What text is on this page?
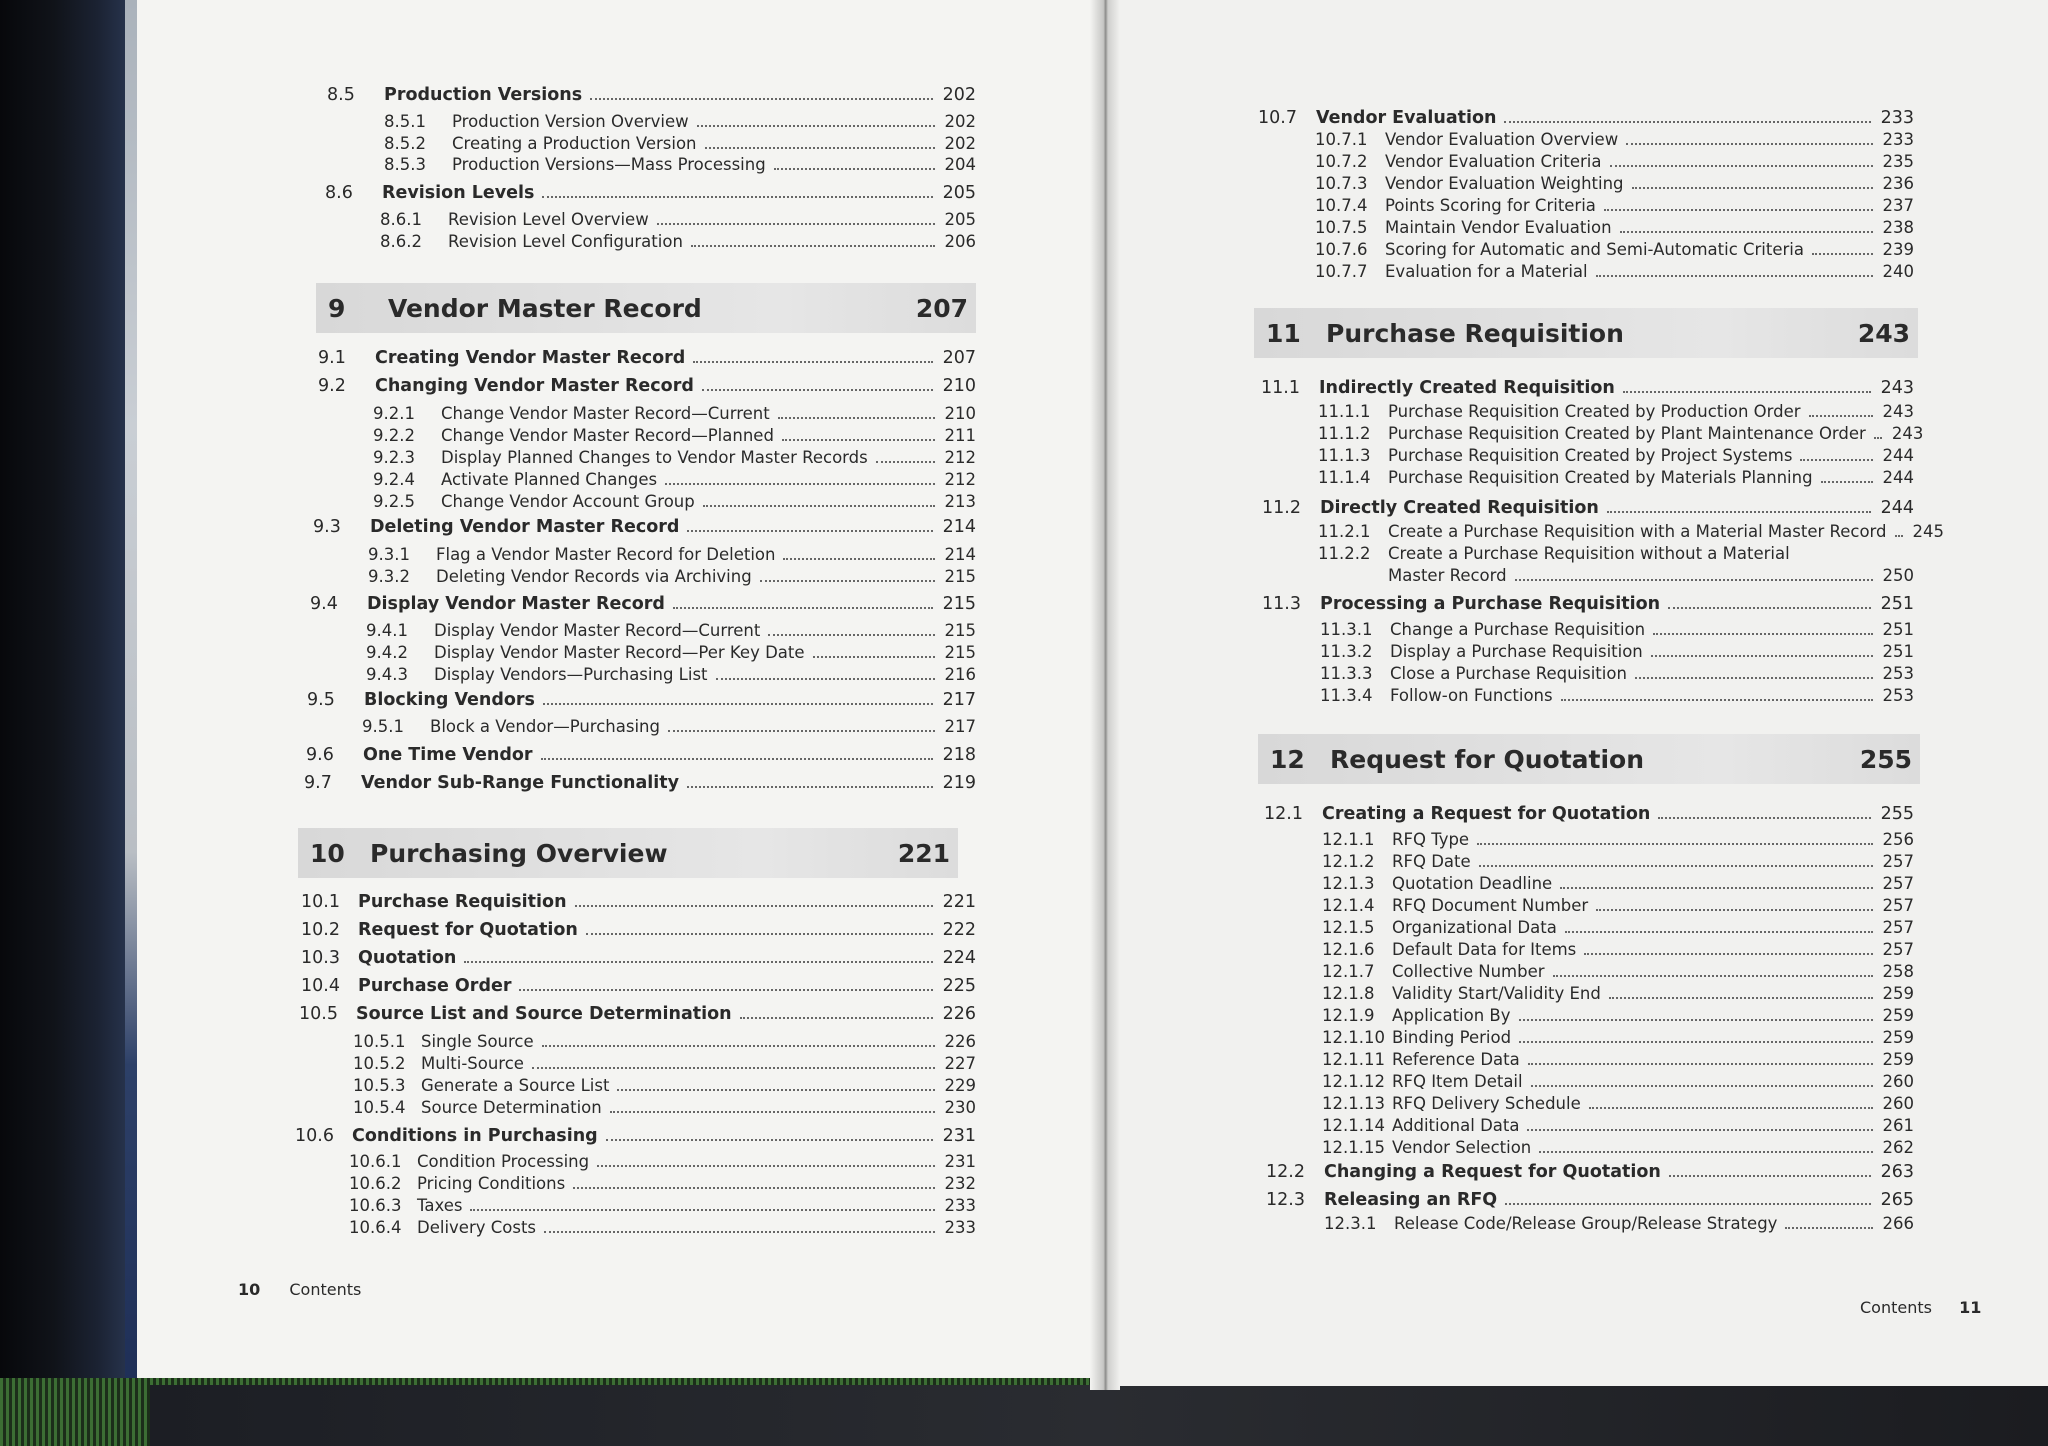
8.5	Production Versions	202
8.5.1	Production Version Overview	202
8.5.2	Creating a Production Version	202
8.5.3	Production Versions—Mass Processing	204
8.6	Revision Levels	205
8.6.1	Revision Level Overview	205
8.6.2	Revision Level Configuration	206
9.1	Creating Vendor Master Record	207
9.2	Changing Vendor Master Record	210
9.2.1	Change Vendor Master Record—Current	210
9.2.2	Change Vendor Master Record—Planned	211
9.2.3	Display Planned Changes to Vendor Master Records	212
9.2.4	Activate Planned Changes	212
9.2.5	Change Vendor Account Group	213
9.3	Deleting Vendor Master Record	214
9.3.1	Flag a Vendor Master Record for Deletion	214
9.3.2	Deleting Vendor Records via Archiving	215
9.4	Display Vendor Master Record	215
9.4.1	Display Vendor Master Record—Current	215
9.4.2	Display Vendor Master Record—Per Key Date	215
9.4.3	Display Vendors—Purchasing List	216
9.5	Blocking Vendors	217
9.5.1	Block a Vendor—Purchasing	217
9.6	One Time Vendor	218
9.7	Vendor Sub-Range Functionality	219
10.1	Purchase Requisition	221
10.2	Request for Quotation	222
10.3	Quotation	224
10.4	Purchase Order	225
10.5	Source List and Source Determination	226
10.5.1 Single Source	226
10.5.2 Multi-Source	227
10.5.3 Generate a Source List	229
10.5.4 Source Determination	230
10.6	Conditions in Purchasing	231
10.6.1 Condition Processing	231
10.6.2 Pricing Conditions	232
10.6.3 Taxes	233
10.6.4 Delivery Costs	233
10.7	Vendor Evaluation	233
10.7.1	Vendor Evaluation Overview	233
10.7.2	Vendor Evaluation Criteria	235
10.7.3	Vendor Evaluation Weighting	236
10.7.4	Points Scoring for Criteria	237
10.7.5	Maintain Vendor Evaluation	238
10.7.6	Scoring for Automatic and Semi-Automatic Criteria	239
10.7.7	Evaluation for a Material	240
11.1	Indirectly Created Requisition	243
11.1.1	Purchase Requisition Created by Production Order	243
11.1.2	Purchase Requisition Created by Plant Maintenance Order 243
11.1.3	Purchase Requisition Created by Project Systems	244
11.1.4	Purchase Requisition Created by Materials Planning	244
11.2	Directly Created Requisition	244
11.2.1	Create a Purchase Requisition with a Material Master Record 245
11.2.2	Create a Purchase Requisition without a Material
Master Record	250
11.3	Processing a Purchase Requisition	251
11.3.1	Change a Purchase Requisition	251
11.3.2	Display a Purchase Requisition	251
11.3.3	Close a Purchase Requisition	253
11.3.4	Follow-on Functions	253
12.1	Creating a Request for Quotation	255
12.1.1	RFQ Type	256
12.1.2	RFQ Date	257
12.1.3	Quotation Deadline	257
12.1.4	RFQ Document Number	257
12.1.5	Organizational Data	257
12.1.6	Default Data for Items	257
12.1.7	Collective Number	258
12.1.8	Validity Start/Validity End	259
12.1.9	Application By	259
12.1.10 Binding Period	259
12.1.11 Reference Data	259
12.1.12 RFQ Item Detail	260
12.1.13 RFQ Delivery Schedule	260
12.1.14 Additional Data	261
12.1.15 Vendor Selection	262
12.2	Changing a Request for Quotation	263
12.3	Releasing an RFQ	265
12.3.1	Release Code/Release Group/Release Strategy	266
9	Vendor Master Record	207
10	Purchasing Overview	221
11	Purchase Requisition	243
12	Request for Quotation	255
10 Contents
Contents 11
